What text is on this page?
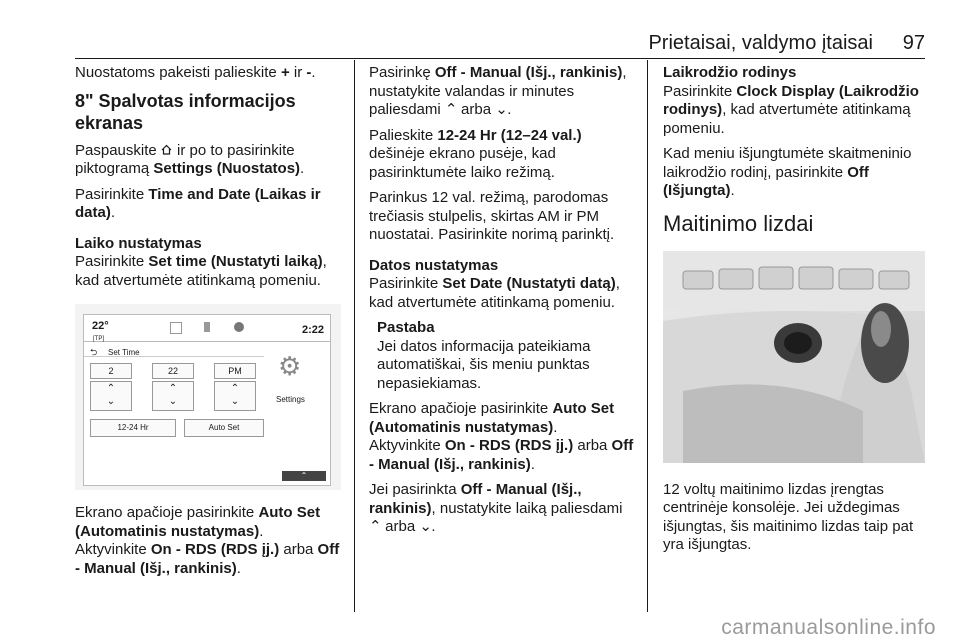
Prietaisai, valdymo įtaisai 97

Nuostatoms pakeisti palieskite + ir -.

8" Spalvotas informacijos ekranas

Paspauskite  ir po to pasirinkite piktogramą Settings (Nuostatos).

Pasirinkite Time and Date (Laikas ir data).

Laiko nustatymas

Pasirinkite Set time (Nustatyti laiką), kad atvertumėte atitinkamą pomeniu.

22°
[TP]
2:22
⮌ Set Time
2	22	PM
⌃
⌄
⌃
⌄
⌃
⌄
12-24 Hr	Auto Set
⚙
Settings
⌃

Ekrano apačioje pasirinkite Auto Set (Automatinis nustatymas).
Aktyvinkite On - RDS (RDS įj.) arba Off - Manual (Išj., rankinis).

Pasirinkę Off - Manual (Išj., rankinis), nustatykite valandas ir minutes paliesdami ⌃ arba ⌄.

Palieskite 12-24 Hr (12–24 val.) dešinėje ekrano pusėje, kad pasirinktumėte laiko režimą.

Parinkus 12 val. režimą, parodomas trečiasis stulpelis, skirtas AM ir PM nuostatai. Pasirinkite norimą parinktį.

Datos nustatymas

Pasirinkite Set Date (Nustatyti datą), kad atvertumėte atitinkamą pomeniu.

Pastaba

Jei datos informacija pateikiama automatiškai, šis meniu punktas nepasiekiamas.

Ekrano apačioje pasirinkite Auto Set (Automatinis nustatymas).
Aktyvinkite On - RDS (RDS įj.) arba Off - Manual (Išj., rankinis).

Jei pasirinkta Off - Manual (Išj., rankinis), nustatykite laiką paliesdami ⌃ arba ⌄.

Laikrodžio rodinys

Pasirinkite Clock Display (Laikrodžio rodinys), kad atvertumėte atitinkamą pomeniu.

Kad meniu išjungtumėte skaitmeninio laikrodžio rodinį, pasirinkite Off (Išjungta).

Maitinimo lizdai

12 voltų maitinimo lizdas įrengtas centrinėje konsolėje. Jei uždegimas išjungtas, šis maitinimo lizdas taip pat yra išjungtas.

carmanualsonline.info
